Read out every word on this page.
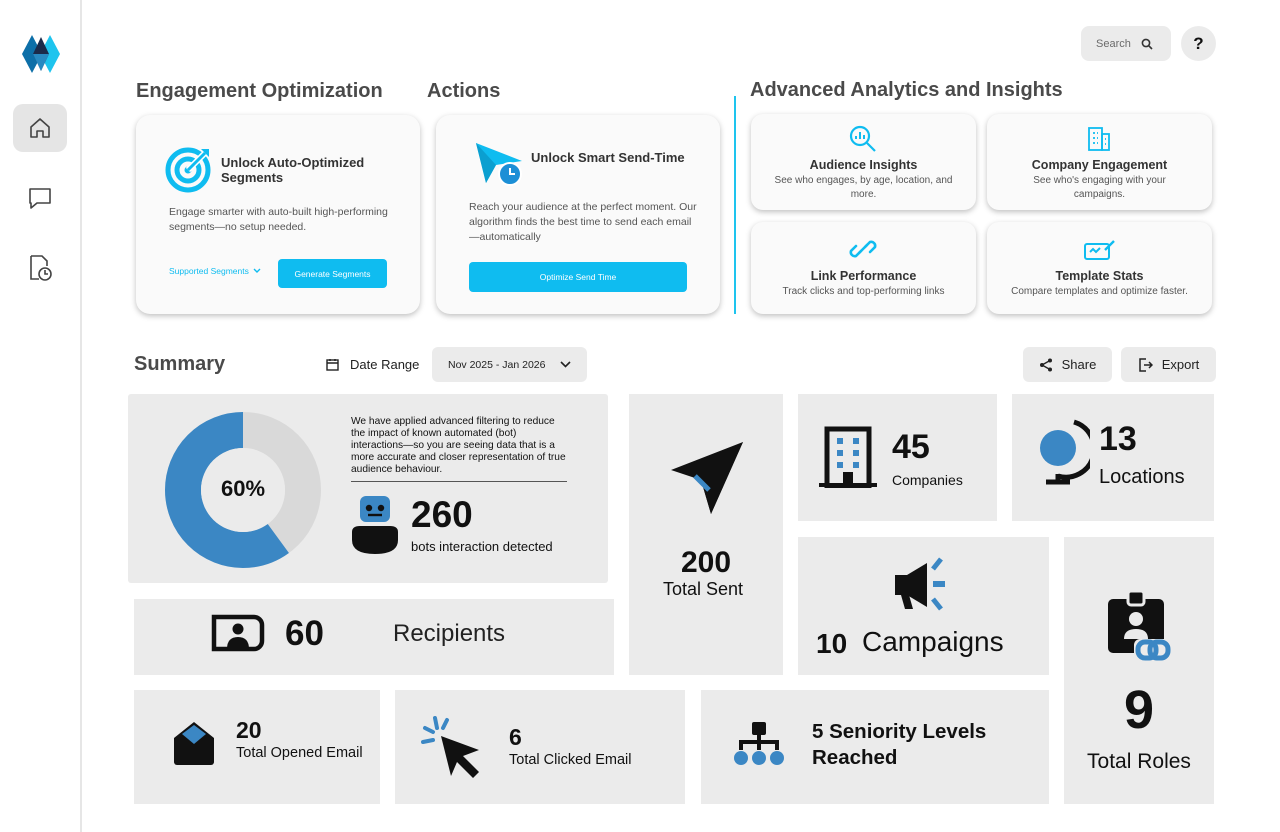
Search	?
Engagement Optimization Actions	Advanced Analytics and Insights
Unlock Auto-Optimized Segments
Engage smarter with auto-built high-performing segments—no setup needed.
Supported Segments	Generate Segments
Unlock Smart Send-Time
Reach your audience at the perfect moment. Our algorithm finds the best time to send each email—automatically
Optimize Send Time
Audience Insights
See who engages, by age, location, and more.
Company Engagement
See who's engaging with your campaigns.
Link Performance
Track clicks and top-performing links
Template Stats
Compare templates and optimize faster.
Summary	Date Range	Nov 2025 - Jan 2026	Share	Export
60%
We have applied advanced filtering to reduce the impact of known automated (bot) interactions—so you are seeing data that is a more accurate and closer representation of true audience behaviour.
260
bots interaction detected	200
Total Sent
45
Companies
13
Locations
60	Recipients	10 Campaigns
9
Total Roles
20
Total Opened Email
6
Total Clicked Email
5 Seniority Levels Reached
